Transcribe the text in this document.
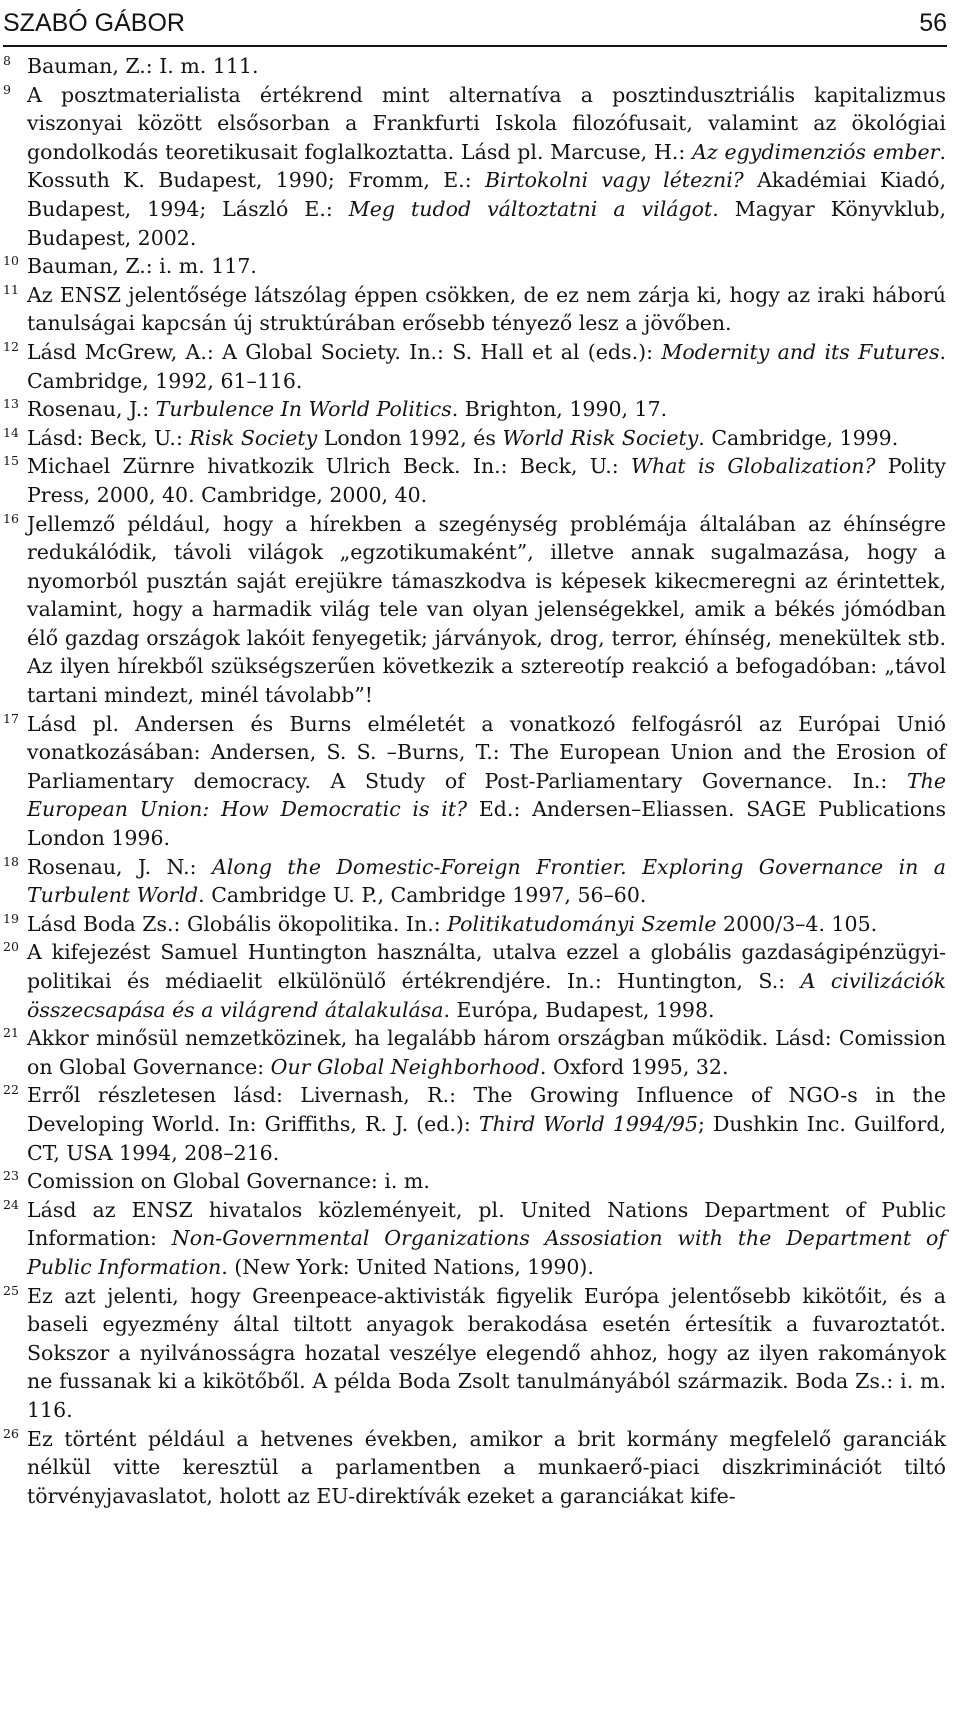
SZABÓ GÁBOR	56
8 Bauman, Z.: I. m. 111.
9 A posztmaterialista értékrend mint alternatíva a posztindusztriális kapitalizmus viszonyai között elsősorban a Frankfurti Iskola filozófusait, valamint az ökológiai gondolkodás teoretikusait foglalkoztatta. Lásd pl. Marcuse, H.: Az egydimenziós ember. Kossuth K. Budapest, 1990; Fromm, E.: Birtokolni vagy létezni? Akadémiai Kiadó, Budapest, 1994; László E.: Meg tudod változtatni a világot. Magyar Könyvklub, Budapest, 2002.
10 Bauman, Z.: i. m. 117.
11 Az ENSZ jelentősége látszólag éppen csökken, de ez nem zárja ki, hogy az iraki háború tanulságai kapcsán új struktúrában erősebb tényező lesz a jövőben.
12 Lásd McGrew, A.: A Global Society. In.: S. Hall et al (eds.): Modernity and its Futures. Cambridge, 1992, 61–116.
13 Rosenau, J.: Turbulence In World Politics. Brighton, 1990, 17.
14 Lásd: Beck, U.: Risk Society London 1992, és World Risk Society. Cambridge, 1999.
15 Michael Zürnre hivatkozik Ulrich Beck. In.: Beck, U.: What is Globalization? Polity Press, 2000, 40. Cambridge, 2000, 40.
16 Jellemző például, hogy a hírekben a szegénység problémája általában az éhínségre redukálódik, távoli világok „egzotikumaként”, illetve annak sugalmazása, hogy a nyomorból pusztán saját erejükre támaszkodva is képesek kikecmeregni az érintettek, valamint, hogy a harmadik világ tele van olyan jelenségekkel, amik a békés jómódban élő gazdag országok lakóit fenyegetik; járványok, drog, terror, éhínség, menekültek stb. Az ilyen hírekből szükségszerűen következik a sztereotíp reakció a befogadóban: „távol tartani mindezt, minél távolabb”!
17 Lásd pl. Andersen és Burns elméletét a vonatkozó felfogásról az Európai Unió vonatkozásában: Andersen, S. S. –Burns, T.: The European Union and the Erosion of Parliamentary democracy. A Study of Post-Parliamentary Governance. In.: The European Union: How Democratic is it? Ed.: Andersen–Eliassen. SAGE Publications London 1996.
18 Rosenau, J. N.: Along the Domestic-Foreign Frontier. Exploring Governance in a Turbulent World. Cambridge U. P., Cambridge 1997, 56–60.
19 Lásd Boda Zs.: Globális ökopolitika. In.: Politikatudományi Szemle 2000/3–4. 105.
20 A kifejezést Samuel Huntington használta, utalva ezzel a globális gazdaságipénzügyi-politikai és médiaelit elkülönülő értékrendjére. In.: Huntington, S.: A civilizációk összecsapása és a világrend átalakulása. Európa, Budapest, 1998.
21 Akkor minősül nemzetközinek, ha legalább három országban működik. Lásd: Comission on Global Governance: Our Global Neighborhood. Oxford 1995, 32.
22 Erről részletesen lásd: Livernash, R.: The Growing Influence of NGO-s in the Developing World. In: Griffiths, R. J. (ed.): Third World 1994/95; Dushkin Inc. Guilford, CT, USA 1994, 208–216.
23 Comission on Global Governance: i. m.
24 Lásd az ENSZ hivatalos közleményeit, pl. United Nations Department of Public Information: Non-Governmental Organizations Assosiation with the Department of Public Information. (New York: United Nations, 1990).
25 Ez azt jelenti, hogy Greenpeace-aktivisták figyelik Európa jelentősebb kikötőit, és a baseli egyezmény által tiltott anyagok berakodása esetén értesítik a fuvaroztatót. Sokszor a nyilvánosságra hozatal veszélye elegendő ahhoz, hogy az ilyen rakományok ne fussanak ki a kikötőből. A példa Boda Zsolt tanulmányából származik. Boda Zs.: i. m. 116.
26 Ez történt például a hetvenes években, amikor a brit kormány megfelelő garanciák nélkül vitte keresztül a parlamentben a munkaerő-piaci diszkriminációt tiltó törvényjavaslatot, holott az EU-direktívák ezeket a garanciákat kife-
